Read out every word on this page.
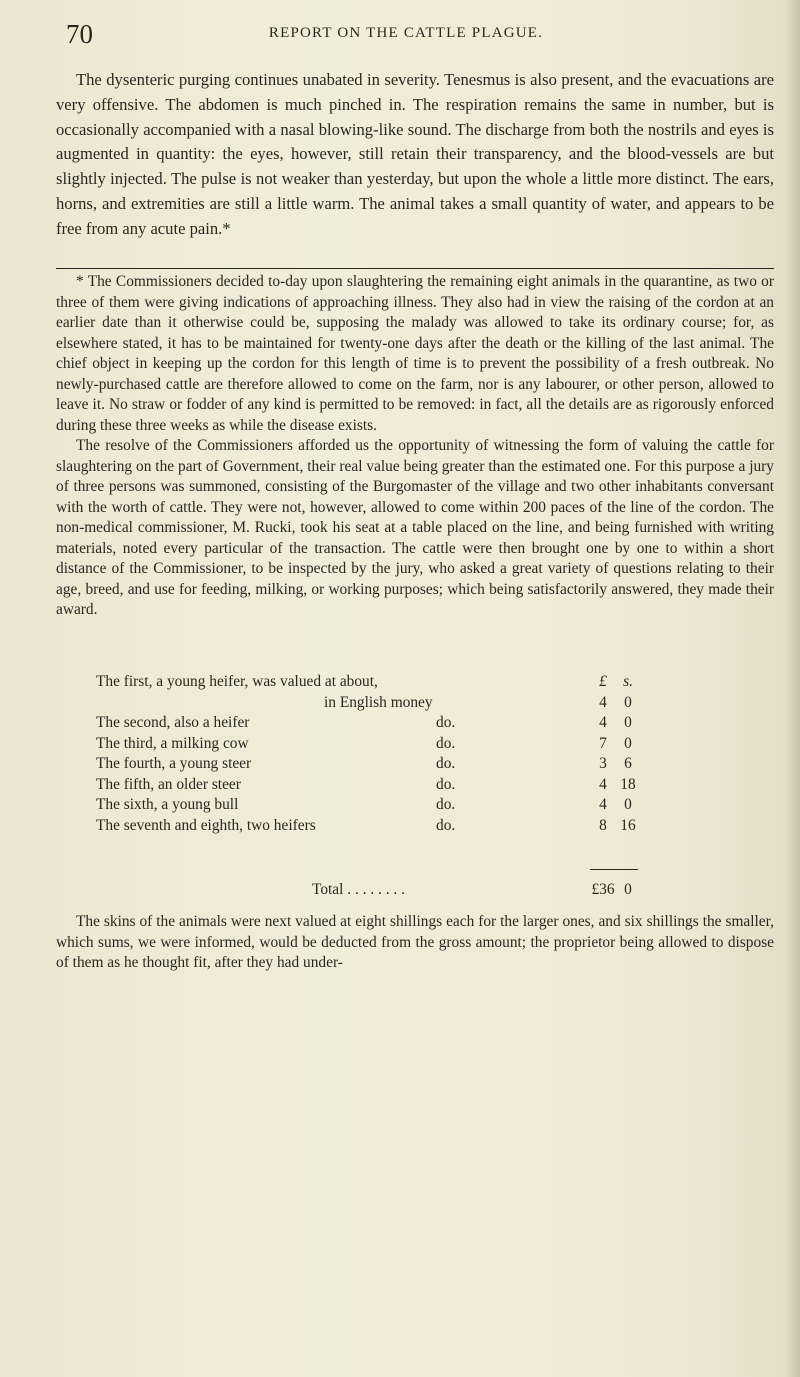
70	REPORT ON THE CATTLE PLAGUE.

The dysenteric purging continues unabated in severity. Tenesmus is also present, and the evacuations are very offensive. The abdomen is much pinched in. The respiration remains the same in number, but is occasionally accompanied with a nasal blowing-like sound. The discharge from both the nostrils and eyes is augmented in quantity: the eyes, however, still retain their transparency, and the blood-vessels are but slightly injected. The pulse is not weaker than yesterday, but upon the whole a little more distinct. The ears, horns, and extremities are still a little warm. The animal takes a small quantity of water, and appears to be free from any acute pain.*

* The Commissioners decided to-day upon slaughtering the remaining eight animals in the quarantine, as two or three of them were giving indications of approaching illness. They also had in view the raising of the cordon at an earlier date than it otherwise could be, supposing the malady was allowed to take its ordinary course; for, as elsewhere stated, it has to be maintained for twenty-one days after the death or the killing of the last animal. The chief object in keeping up the cordon for this length of time is to prevent the possibility of a fresh outbreak. No newly-purchased cattle are therefore allowed to come on the farm, nor is any labourer, or other person, allowed to leave it. No straw or fodder of any kind is permitted to be removed: in fact, all the details are as rigorously enforced during these three weeks as while the disease exists.

The resolve of the Commissioners afforded us the opportunity of witnessing the form of valuing the cattle for slaughtering on the part of Government, their real value being greater than the estimated one. For this purpose a jury of three persons was summoned, consisting of the Burgomaster of the village and two other inhabitants conversant with the worth of cattle. They were not, however, allowed to come within 200 paces of the line of the cordon. The non-medical commissioner, M. Rucki, took his seat at a table placed on the line, and being furnished with writing materials, noted every particular of the transaction. The cattle were then brought one by one to within a short distance of the Commissioner, to be inspected by the jury, who asked a great variety of questions relating to their age, breed, and use for feeding, milking, or working purposes; which being satisfactorily answered, they made their award.

The first, a young heifer, was valued at about,	£	s.
in English money	4	0
The second, also a heifer	do.	4	0
The third, a milking cow	do.	7	0
The fourth, a young steer	do.	3	6
The fifth, an older steer	do.	4 18
The sixth, a young bull	do.	4	0
The seventh and eighth, two heifers	do.	8 16
Total . . . . . . . .	£36 0

The skins of the animals were next valued at eight shillings each for the larger ones, and six shillings the smaller, which sums, we were informed, would be deducted from the gross amount; the proprietor being allowed to dispose of them as he thought fit, after they had under-
